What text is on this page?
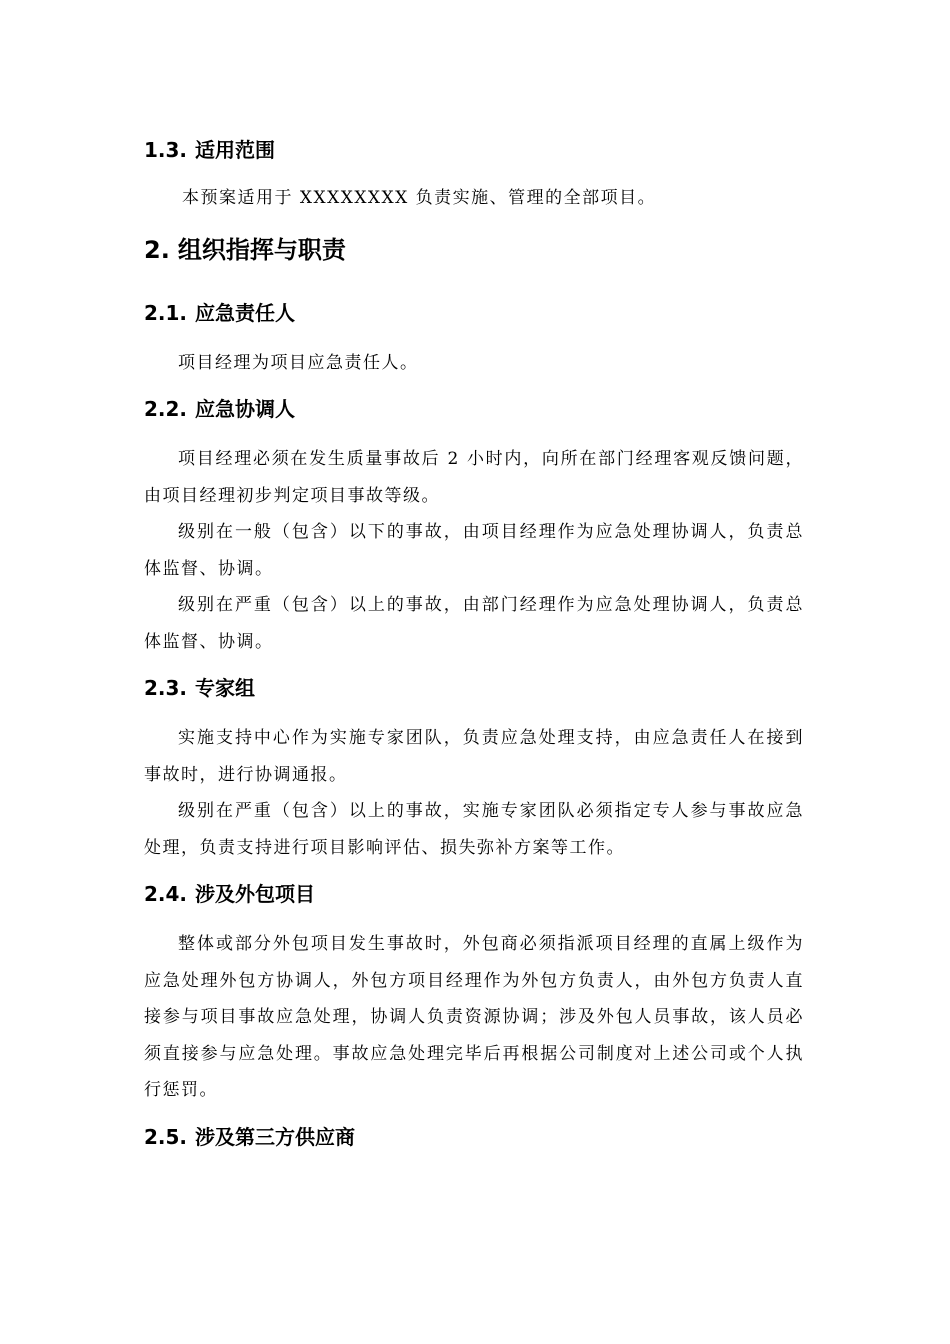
1.3. 适用范围

本预案适用于 XXXXXXXX 负责实施、管理的全部项目。

2. 组织指挥与职责
2.1. 应急责任人

项目经理为项目应急责任人。

2.2. 应急协调人

项目经理必须在发生质量事故后 2 小时内，向所在部门经理客观反馈问题，由项目经理初步判定项目事故等级。

级别在一般（包含）以下的事故，由项目经理作为应急处理协调人，负责总体监督、协调。

级别在严重（包含）以上的事故，由部门经理作为应急处理协调人，负责总体监督、协调。

2.3. 专家组

实施支持中心作为实施专家团队，负责应急处理支持，由应急责任人在接到事故时，进行协调通报。

级别在严重（包含）以上的事故，实施专家团队必须指定专人参与事故应急处理，负责支持进行项目影响评估、损失弥补方案等工作。

2.4. 涉及外包项目

整体或部分外包项目发生事故时，外包商必须指派项目经理的直属上级作为应急处理外包方协调人，外包方项目经理作为外包方负责人，由外包方负责人直接参与项目事故应急处理，协调人负责资源协调；涉及外包人员事故，该人员必须直接参与应急处理。事故应急处理完毕后再根据公司制度对上述公司或个人执行惩罚。

2.5. 涉及第三方供应商
